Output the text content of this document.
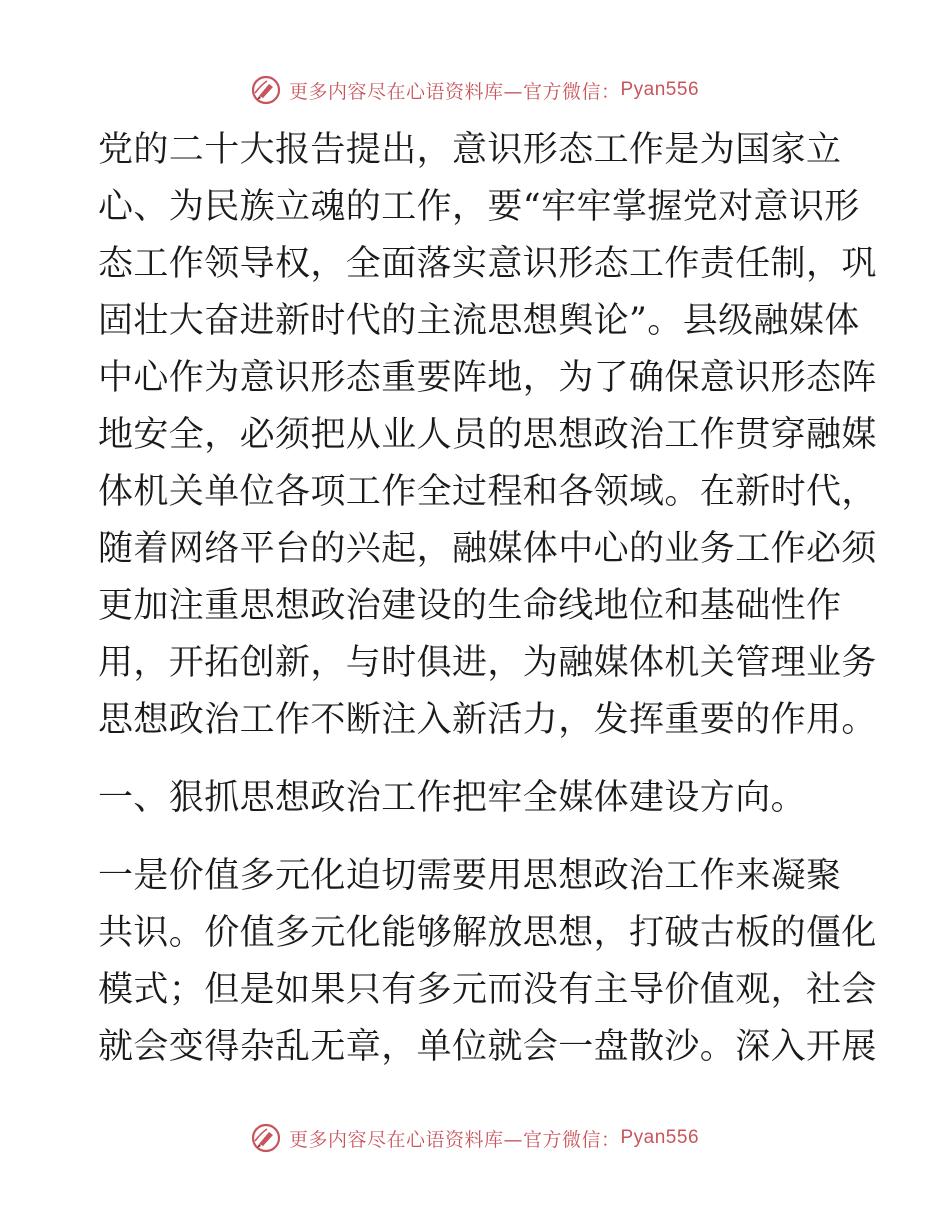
更多内容尽在心语资料库—官方微信： Pyan556
党的二十大报告提出，意识形态工作是为国家立
心、为民族立魂的工作，要“牢牢掌握党对意识形
态工作领导权，全面落实意识形态工作责任制，巩
固壮大奋进新时代的主流思想舆论”。县级融媒体
中心作为意识形态重要阵地，为了确保意识形态阵
地安全，必须把从业人员的思想政治工作贯穿融媒
体机关单位各项工作全过程和各领域。在新时代，
随着网络平台的兴起，融媒体中心的业务工作必须
更加注重思想政治建设的生命线地位和基础性作
用，开拓创新，与时俱进，为融媒体机关管理业务
思想政治工作不断注入新活力，发挥重要的作用。
一、狠抓思想政治工作把牢全媒体建设方向。
一是价值多元化迫切需要用思想政治工作来凝聚
共识。价值多元化能够解放思想，打破古板的僵化
模式；但是如果只有多元而没有主导价值观，社会
就会变得杂乱无章，单位就会一盘散沙。深入开展
更多内容尽在心语资料库—官方微信： Pyan556
